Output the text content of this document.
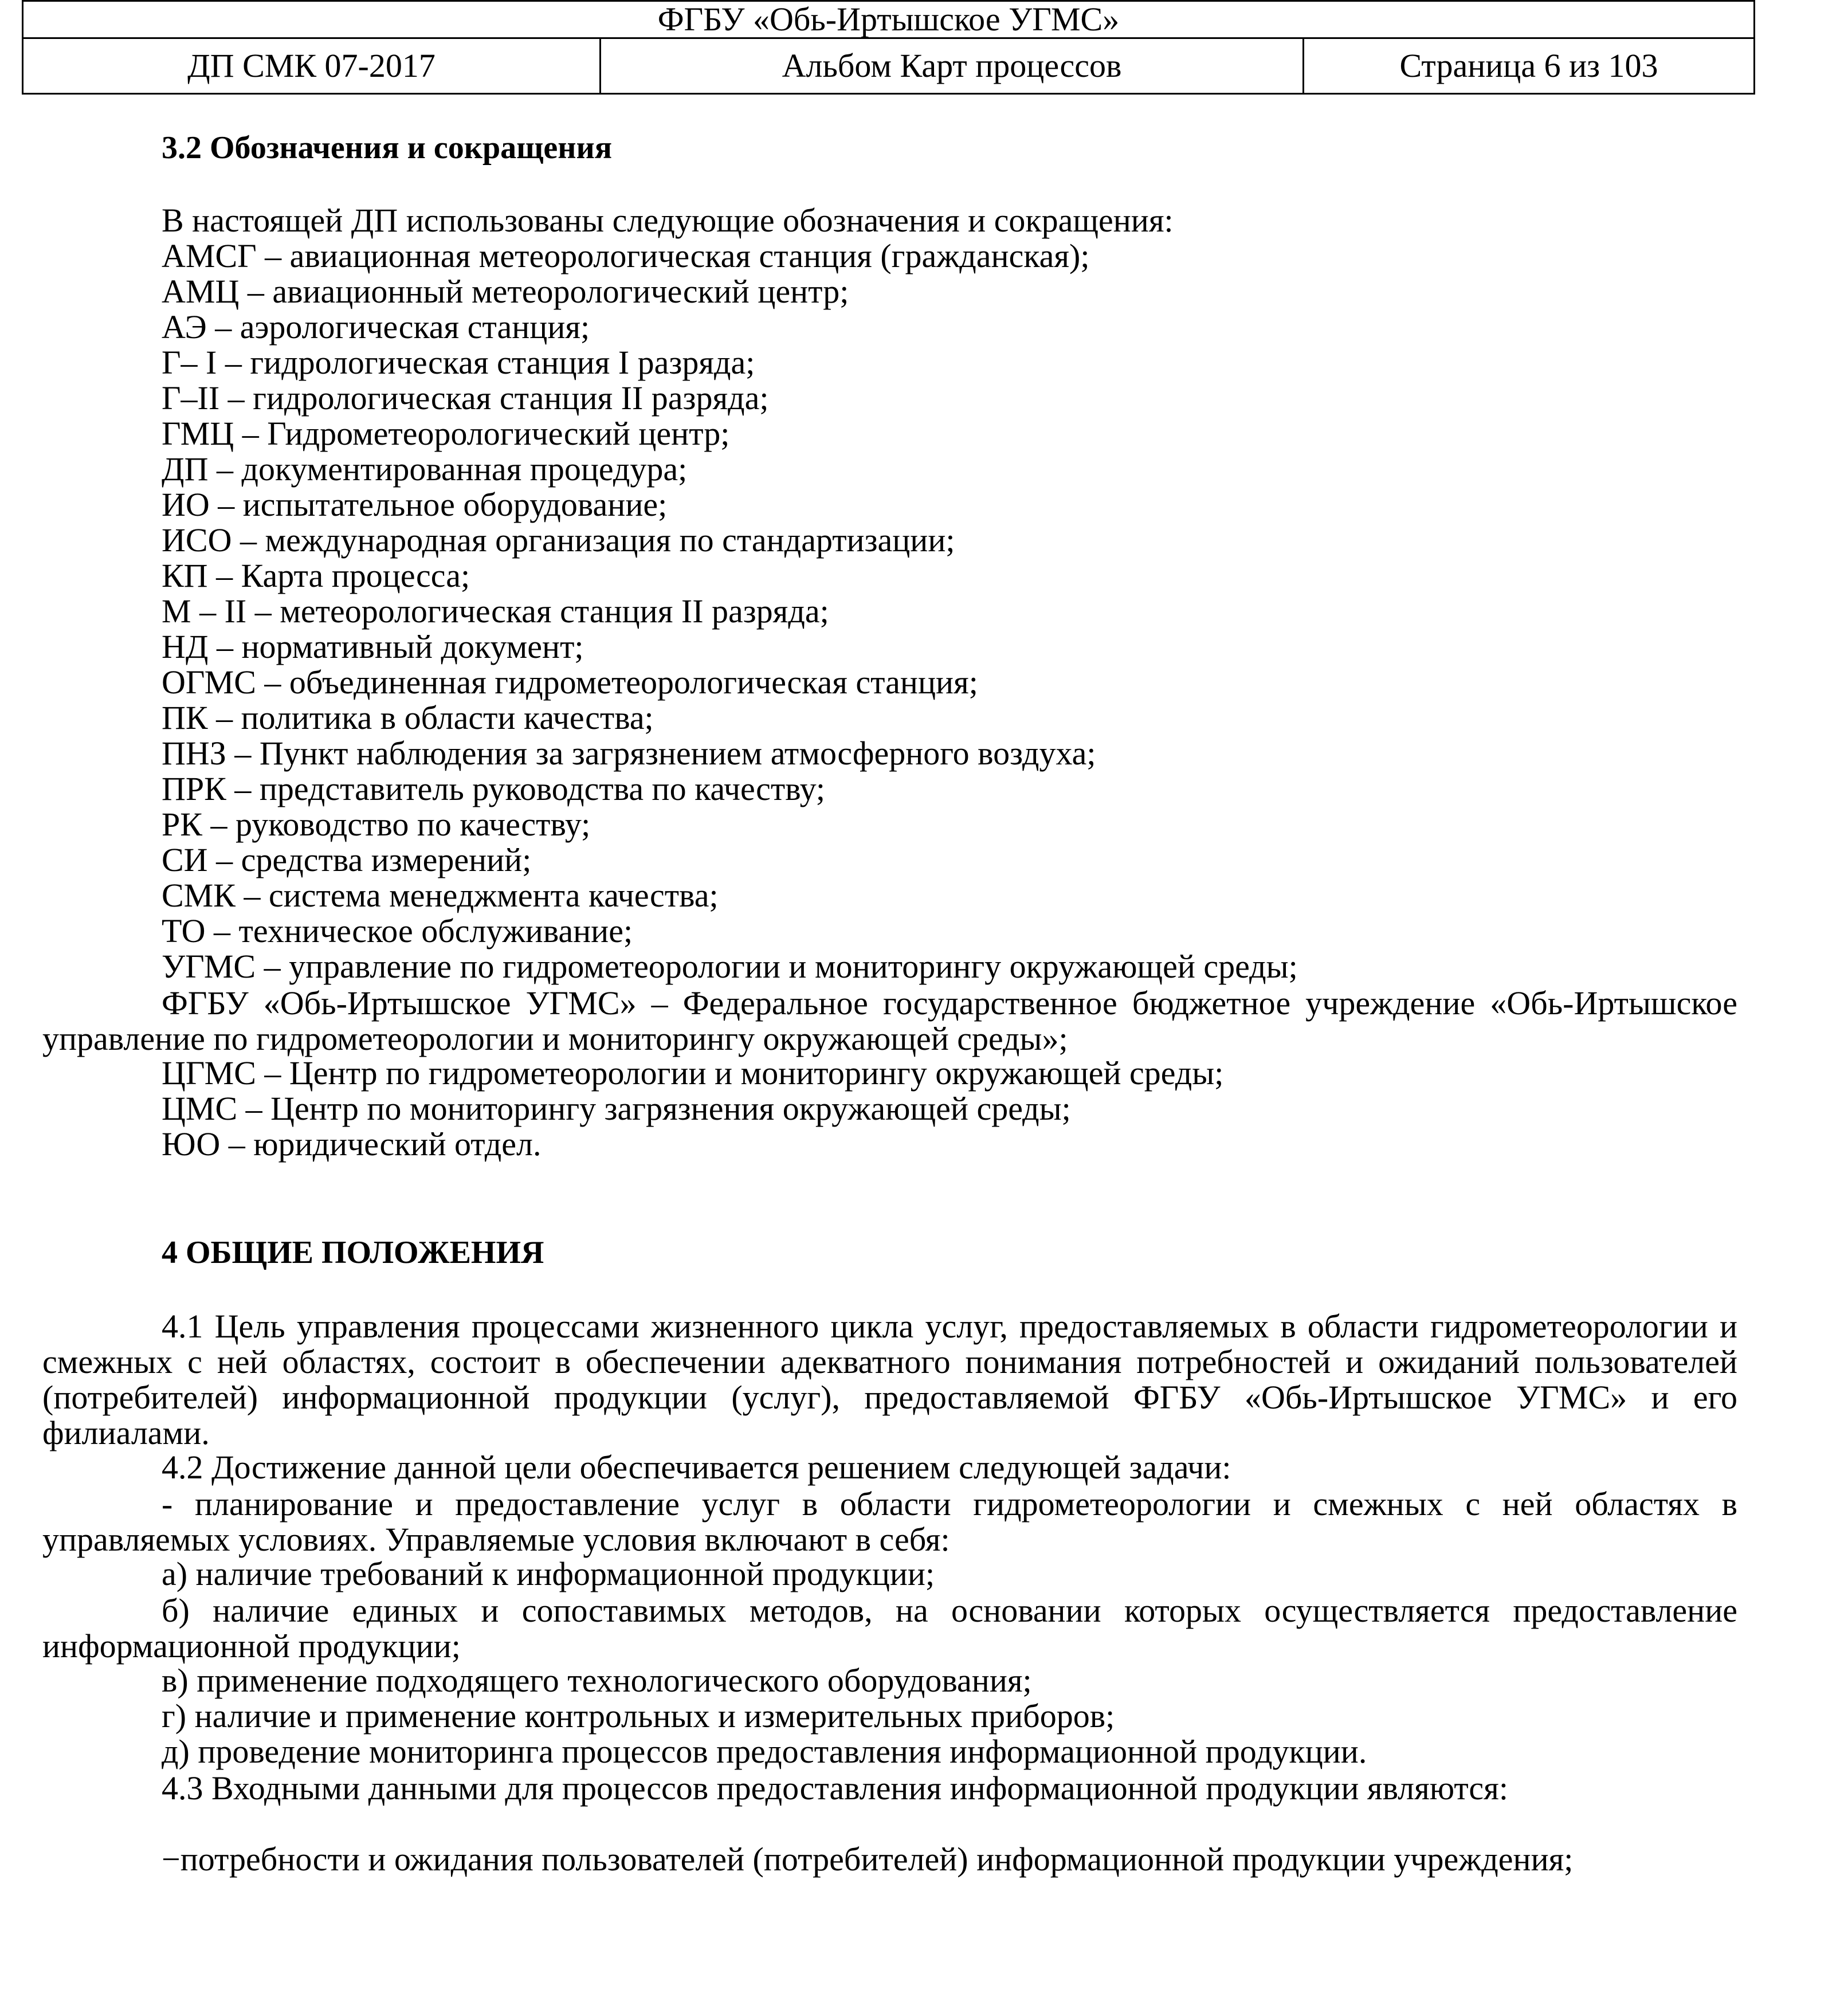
ФГБУ «Обь-Иртышское УГМС»
ДП СМК 07-2017	Альбом Карт процессов	Страница 6 из 103
3.2 Обозначения и сокращения
В настоящей ДП использованы следующие обозначения и сокращения:
АМСГ – авиационная метеорологическая станция (гражданская);
АМЦ – авиационный метеорологический центр;
АЭ – аэрологическая станция;
Г– I – гидрологическая станция I разряда;
Г–II – гидрологическая станция II разряда;
ГМЦ – Гидрометеорологический центр;
ДП – документированная процедура;
ИО – испытательное оборудование;
ИСО – международная организация по стандартизации;
КП – Карта процесса;
М – II – метеорологическая станция II разряда;
НД – нормативный документ;
ОГМС – объединенная гидрометеорологическая станция;
ПК – политика в области качества;
ПНЗ – Пункт наблюдения за загрязнением атмосферного воздуха;
ПРК – представитель руководства по качеству;
РК – руководство по качеству;
СИ – средства измерений;
СМК – система менеджмента качества;
ТО – техническое обслуживание;
УГМС – управление по гидрометеорологии и мониторингу окружающей среды;
ФГБУ «Обь-Иртышское УГМС» – Федеральное государственное бюджетное учреждение «Обь-Иртышское управление по гидрометеорологии и мониторингу окружающей среды»;
ЦГМС – Центр по гидрометеорологии и мониторингу окружающей среды;
ЦМС – Центр по мониторингу загрязнения окружающей среды;
ЮО – юридический отдел.
4 ОБЩИЕ ПОЛОЖЕНИЯ
4.1 Цель управления процессами жизненного цикла услуг, предоставляемых в области гидрометеорологии и смежных с ней областях, состоит в обеспечении адекватного понимания потребностей и ожиданий пользователей (потребителей) информационной продукции (услуг), предоставляемой ФГБУ «Обь-Иртышское УГМС» и его филиалами.
4.2 Достижение данной цели обеспечивается решением следующей задачи:
- планирование и предоставление услуг в области гидрометеорологии и смежных с ней областях в управляемых условиях. Управляемые условия включают в себя:
а) наличие требований к информационной продукции;
б) наличие единых и сопоставимых методов, на основании которых осуществляется предоставление информационной продукции;
в) применение подходящего технологического оборудования;
г) наличие и применение контрольных и измерительных приборов;
д) проведение мониторинга процессов предоставления информационной продукции.
4.3 Входными данными для процессов предоставления информационной продукции являются:
−потребности и ожидания пользователей (потребителей) информационной продукции учреждения;
